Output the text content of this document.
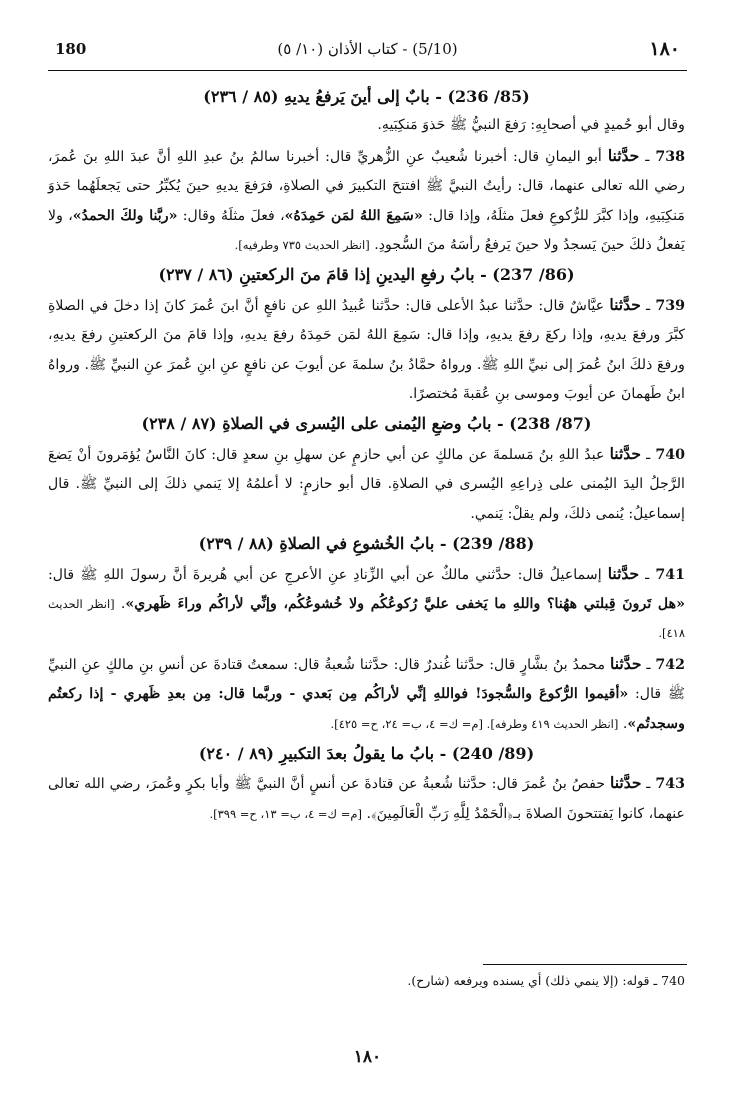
١٨٠
(5/10) - كتاب الأذان (١٠/ ٥)
180

(85/ 236) - بابٌ إلى أينَ يَرفعُ يديهِ (٨٥ / ٢٣٦)

وقال أبو حُميدٍ في أصحابِهِ: رَفعَ النبيُّ ﷺ حَذوَ مَنكِبَيهِ.

738 ـ حدَّثنا أبو اليمانِ قال: أخبرنا شُعيبٌ عنِ الزُّهريِّ قال: أخبرنا سالمُ بنُ عبدِ اللهِ أنَّ عبدَ اللهِ بنَ عُمرَ، رضي الله تعالى عنهما، قال: رأيتُ النبيَّ ﷺ افتتحَ التكبيرَ في الصلاةِ، فرَفعَ يديهِ حينَ يُكبِّرُ حتى يَجعلَهُما حَذوَ مَنكِبَيهِ، وإذا كبَّرَ للرُّكوعِ فعلَ مثلَهُ، وإذا قال: «سَمِعَ اللهُ لمَن حَمِدَهُ»، فعلَ مثلَهُ وقال: «ربَّنا ولكَ الحمدُ»، ولا يَفعلُ ذلكَ حينَ يَسجدُ ولا حينَ يَرفعُ رأسَهُ منَ السُّجودِ. [انظر الحديث ٧٣٥ وطرفيه].

(86/ 237) - بابُ رفعِ اليدينِ إذا قامَ منَ الركعتينِ (٨٦ / ٢٣٧)

739 ـ حدَّثنا عيَّاشٌ قال: حدَّثنا عبدُ الأعلى قال: حدَّثنا عُبيدُ اللهِ عن نافعٍ أنَّ ابنَ عُمرَ كانَ إذا دخلَ في الصلاةِ كبَّرَ ورفعَ يديهِ، وإذا ركعَ رفعَ يديهِ، وإذا قال: سَمِعَ اللهُ لمَن حَمِدَهُ رفعَ يديهِ، وإذا قامَ منَ الركعتينِ رفعَ يديهِ، ورفعَ ذلكَ ابنُ عُمرَ إلى نبيِّ اللهِ ﷺ. ورواهُ حمَّادُ بنُ سلمةَ عن أيوبَ عن نافعٍ عنِ ابنِ عُمرَ عنِ النبيِّ ﷺ. ورواهُ ابنُ طَهمانَ عن أيوبَ وموسى بنِ عُقبةَ مُختصرًا.

(87/ 238) - بابُ وضعِ اليُمنى على اليُسرى في الصلاةِ (٨٧ / ٢٣٨)

740 ـ حدَّثنا عبدُ اللهِ بنُ مَسلمةَ عن مالكٍ عن أبي حازمٍ عن سهلِ بنِ سعدٍ قال: كانَ النَّاسُ يُؤمَرونَ أنْ يَضعَ الرَّجلُ اليدَ اليُمنى على ذِراعِهِ اليُسرى في الصلاةِ. قال أبو حازمٍ: لا أعلمُهُ إلا يَنمي ذلكَ إلى النبيِّ ﷺ. قال إسماعيلُ: يُنمى ذلكَ، ولم يقلْ: يَنمي.

(88/ 239) - بابُ الخُشوعِ في الصلاةِ (٨٨ / ٢٣٩)

741 ـ حدَّثنا إسماعيلُ قال: حدَّثني مالكٌ عن أبي الزِّنادِ عنِ الأعرجِ عن أبي هُريرةَ أنَّ رسولَ اللهِ ﷺ قال: «هل تَرونَ قِبلتي ههُنا؟ واللهِ ما يَخفى عليَّ رُكوعُكُم ولا خُشوعُكُم، وإنِّي لأراكُم وراءَ ظَهري». [انظر الحديث ٤١٨].

742 ـ حدَّثنا محمدُ بنُ بشَّارٍ قال: حدَّثنا غُندرٌ قال: حدَّثنا شُعبةُ قال: سمعتُ قتادةَ عن أنسِ بنِ مالكٍ عنِ النبيِّ ﷺ قال: «أقيموا الرُّكوعَ والسُّجودَ! فواللهِ إنِّي لأراكُم مِن بَعدي - وربَّما قال: مِن بعدِ ظَهري - إذا ركعتُم وسجدتُم». [انظر الحديث ٤١٩ وطرفه]. [م= ك= ٤، ب= ٢٤، ح= ٤٢٥].

(89/ 240) - بابُ ما يقولُ بعدَ التكبيرِ (٨٩ / ٢٤٠)

743 ـ حدَّثنا حفصُ بنُ عُمرَ قال: حدَّثنا شُعبةُ عن قتادةَ عن أنسٍ أنَّ النبيَّ ﷺ وأبا بكرٍ وعُمرَ، رضي الله تعالى عنهما، كانوا يَفتتحونَ الصلاةَ بـ﴿الْحَمْدُ لِلَّهِ رَبِّ الْعَالَمِينَ﴾. [م= ك= ٤، ب= ١٣، ح= ٣٩٩].

740 ـ قوله: (إلا ينمي ذلك) أي يسنده ويرفعه (شارح).
١٨٠
